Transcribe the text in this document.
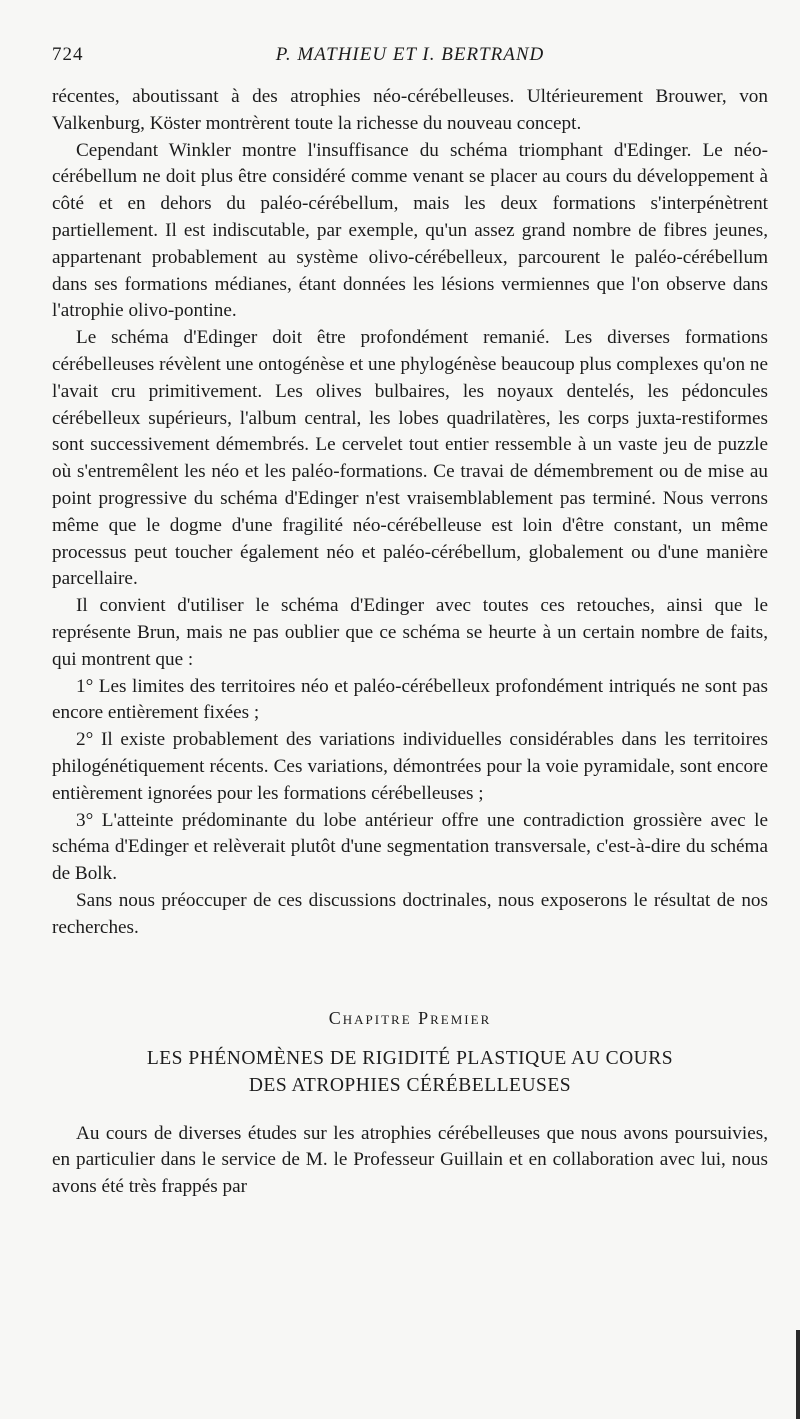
724	P. MATHIEU ET I. BERTRAND

récentes, aboutissant à des atrophies néo-cérébelleuses. Ultérieurement Brouwer, von Valkenburg, Köster montrèrent toute la richesse du nouveau concept.

Cependant Winkler montre l'insuffisance du schéma triomphant d'Edinger. Le néo-cérébellum ne doit plus être considéré comme venant se placer au cours du développement à côté et en dehors du paléo-cérébellum, mais les deux formations s'interpénètrent partiellement. Il est indiscutable, par exemple, qu'un assez grand nombre de fibres jeunes, appartenant probablement au système olivo-cérébelleux, parcourent le paléo-cérébellum dans ses formations médianes, étant données les lésions vermiennes que l'on observe dans l'atrophie olivo-pontine.

Le schéma d'Edinger doit être profondément remanié. Les diverses formations cérébelleuses révèlent une ontogénèse et une phylogénèse beaucoup plus complexes qu'on ne l'avait cru primitivement. Les olives bulbaires, les noyaux dentelés, les pédoncules cérébelleux supérieurs, l'album central, les lobes quadrilatères, les corps juxta-restiformes sont successivement démembrés. Le cervelet tout entier ressemble à un vaste jeu de puzzle où s'entremêlent les néo et les paléo-formations. Ce travai de démembrement ou de mise au point progressive du schéma d'Edinger n'est vraisemblablement pas terminé. Nous verrons même que le dogme d'une fragilité néo-cérébelleuse est loin d'être constant, un même processus peut toucher également néo et paléo-cérébellum, globalement ou d'une manière parcellaire.

Il convient d'utiliser le schéma d'Edinger avec toutes ces retouches, ainsi que le représente Brun, mais ne pas oublier que ce schéma se heurte à un certain nombre de faits, qui montrent que :

1° Les limites des territoires néo et paléo-cérébelleux profondément intriqués ne sont pas encore entièrement fixées ;

2° Il existe probablement des variations individuelles considérables dans les territoires philogénétiquement récents. Ces variations, démontrées pour la voie pyramidale, sont encore entièrement ignorées pour les formations cérébelleuses ;

3° L'atteinte prédominante du lobe antérieur offre une contradiction grossière avec le schéma d'Edinger et relèverait plutôt d'une segmentation transversale, c'est-à-dire du schéma de Bolk.

Sans nous préoccuper de ces discussions doctrinales, nous exposerons le résultat de nos recherches.

Chapitre Premier
LES PHÉNOMÈNES DE RIGIDITÉ PLASTIQUE AU COURS
DES ATROPHIES CÉRÉBELLEUSES

Au cours de diverses études sur les atrophies cérébelleuses que nous avons poursuivies, en particulier dans le service de M. le Professeur Guillain et en collaboration avec lui, nous avons été très frappés par
